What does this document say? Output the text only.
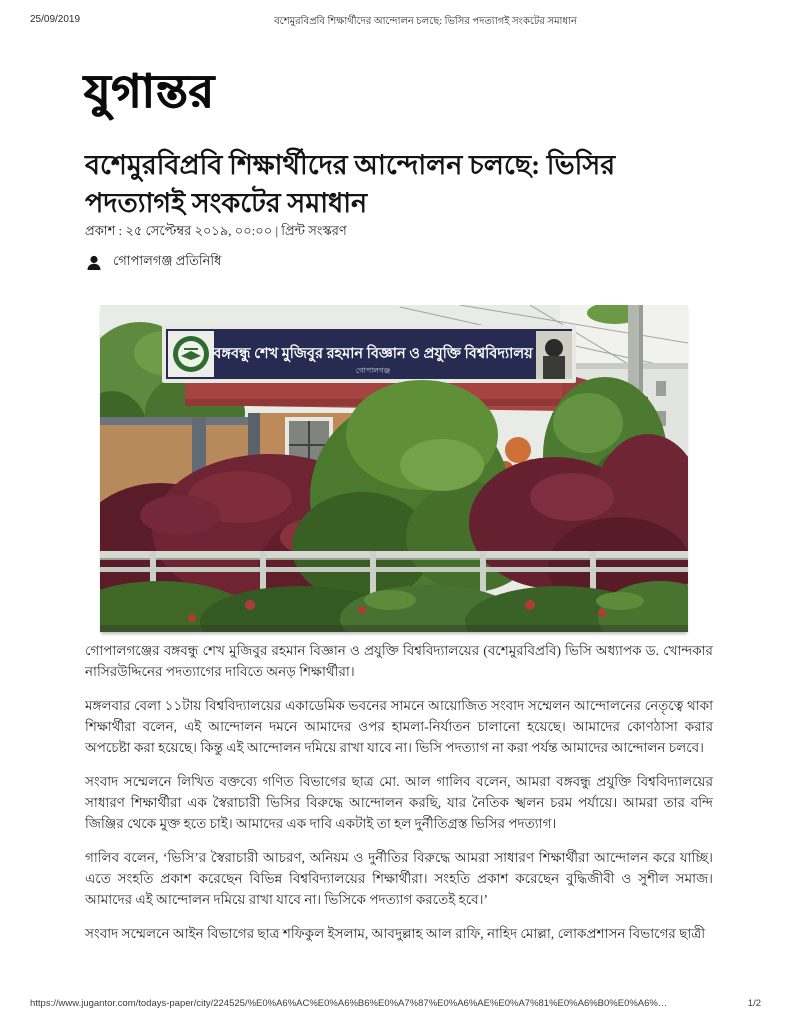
25/09/2019	বশেমুরবিপ্রবি শিক্ষার্থীদের আন্দোলন চলছে: ভিসির পদত্যাগই সংকটের সমাধান
যুগান্তর
বশেমুরবিপ্রবি শিক্ষার্থীদের আন্দোলন চলছে: ভিসির পদত্যাগই সংকটের সমাধান
প্রকাশ : ২৫ সেপ্টেম্বর ২০১৯, ০০:০০ | প্রিন্ট সংস্করণ
গোপালগঞ্জ প্রতিনিধি
বঙ্গবন্ধু শেখ মুজিবুর রহমান বিজ্ঞান ও প্রযুক্তি বিশ্ববিদ্যালয়
গোপালগঞ্জ

গোপালগঞ্জের বঙ্গবন্ধু শেখ মুজিবুর রহমান বিজ্ঞান ও প্রযুক্তি বিশ্ববিদ্যালয়ের (বশেমুরবিপ্রবি) ভিসি অধ্যাপক ড. খোন্দকার নাসিরউদ্দিনের পদত্যাগের দাবিতে অনড় শিক্ষার্থীরা।

মঙ্গলবার বেলা ১১টায় বিশ্ববিদ্যালয়ের একাডেমিক ভবনের সামনে আয়োজিত সংবাদ সম্মেলন আন্দোলনের নেতৃত্বে থাকা শিক্ষার্থীরা বলেন, এই আন্দোলন দমনে আমাদের ওপর হামলা-নির্যাতন চালানো হয়েছে। আমাদের কোণঠাসা করার অপচেষ্টা করা হয়েছে। কিন্তু এই আন্দোলন দমিয়ে রাখা যাবে না। ভিসি পদত্যাগ না করা পর্যন্ত আমাদের আন্দোলন চলবে।

সংবাদ সম্মেলনে লিখিত বক্তব্যে গণিত বিভাগের ছাত্র মো. আল গালিব বলেন, আমরা বঙ্গবন্ধু প্রযুক্তি বিশ্ববিদ্যালয়ের সাধারণ শিক্ষার্থীরা এক স্বৈরাচারী ভিসির বিরুদ্ধে আন্দোলন করছি, যার নৈতিক স্খলন চরম পর্যায়ে। আমরা তার বন্দি জিঞ্জির থেকে মুক্ত হতে চাই। আমাদের এক দাবি একটাই তা হল দুর্নীতিগ্রস্ত ভিসির পদত্যাগ।

গালিব বলেন, ‘ভিসি’র স্বৈরাচারী আচরণ, অনিয়ম ও দুর্নীতির বিরুদ্ধে আমরা সাধারণ শিক্ষার্থীরা আন্দোলন করে যাচ্ছি। এতে সংহতি প্রকাশ করেছেন বিভিন্ন বিশ্ববিদ্যালয়ের শিক্ষার্থীরা। সংহতি প্রকাশ করেছেন বুদ্ধিজীবী ও সুশীল সমাজ। আমাদের এই আন্দোলন দমিয়ে রাখা যাবে না। ভিসিকে পদত্যাগ করতেই হবে।’

সংবাদ সম্মেলনে আইন বিভাগের ছাত্র শফিকুল ইসলাম, আবদুল্লাহ আল রাফি, নাহিদ মোল্লা, লোকপ্রশাসন বিভাগের ছাত্রী

https://www.jugantor.com/todays-paper/city/224525/%E0%A6%AC%E0%A6%B6%E0%A7%87%E0%A6%AE%E0%A7%81%E0%A6%B0%E0%A6%…	1/2
